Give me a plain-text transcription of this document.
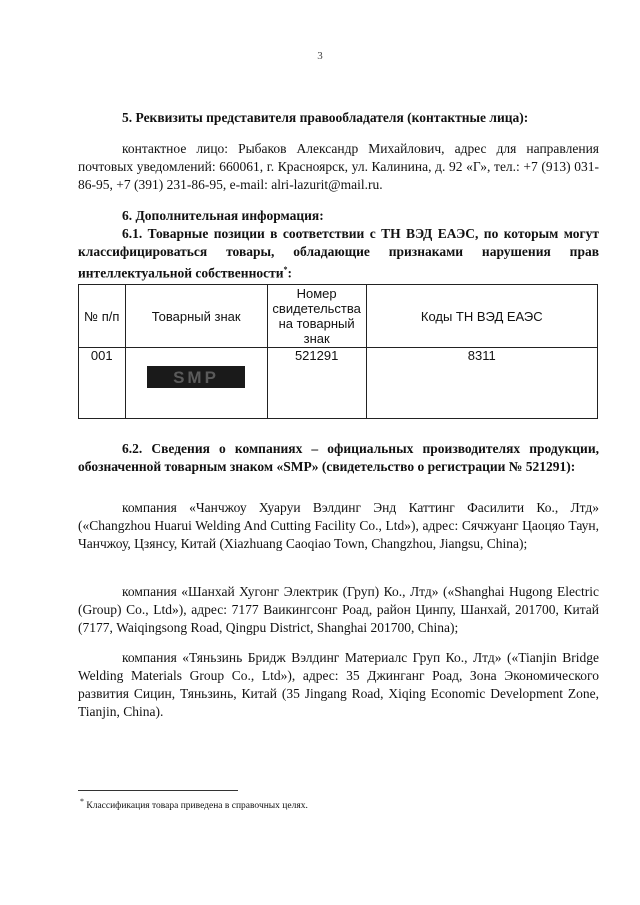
3
5. Реквизиты представителя правообладателя (контактные лица):
контактное лицо: Рыбаков Александр Михайлович, адрес для направления почтовых уведомлений: 660061, г. Красноярск, ул. Калинина, д. 92 «Г», тел.: +7 (913) 031-86-95, +7 (391) 231-86-95, e-mail: alri-lazurit@mail.ru.
6. Дополнительная информация:
6.1. Товарные позиции в соответствии с ТН ВЭД ЕАЭС, по которым могут классифицироваться товары, обладающие признаками нарушения прав интеллектуальной собственности*:
№ п/п	Товарный знак	Номер свидетельства на товарный знак	Коды ТН ВЭД ЕАЭС
001	SMP	521291	8311
6.2. Сведения о компаниях – официальных производителях продукции, обозначенной товарным знаком «SMP» (свидетельство о регистрации № 521291):
компания «Чанчжоу Хуаруи Вэлдинг Энд Каттинг Фасилити Ко., Лтд» («Changzhou Huarui Welding And Cutting Facility Co., Ltd»), адрес: Сячжуанг Цаоцяо Таун, Чанчжоу, Цзянсу, Китай (Xiazhuang Caoqiao Town, Changzhou, Jiangsu, China);
компания «Шанхай Хугонг Электрик (Груп) Ко., Лтд» («Shanghai Hugong Electric (Group) Co., Ltd»), адрес: 7177 Ваикингсонг Роад, район Цинпу, Шанхай, 201700, Китай (7177, Waiqingsong Road, Qingpu District, Shanghai 201700, China);
компания «Тяньзинь Бридж Вэлдинг Материалс Груп Ко., Лтд» («Tianjin Bridge Welding Materials Group Co., Ltd»), адрес: 35 Джинганг Роад, Зона Экономического развития Сицин, Тяньзинь, Китай (35 Jingang Road, Xiqing Economic Development Zone, Tianjin, China).
* Классификация товара приведена в справочных целях.
